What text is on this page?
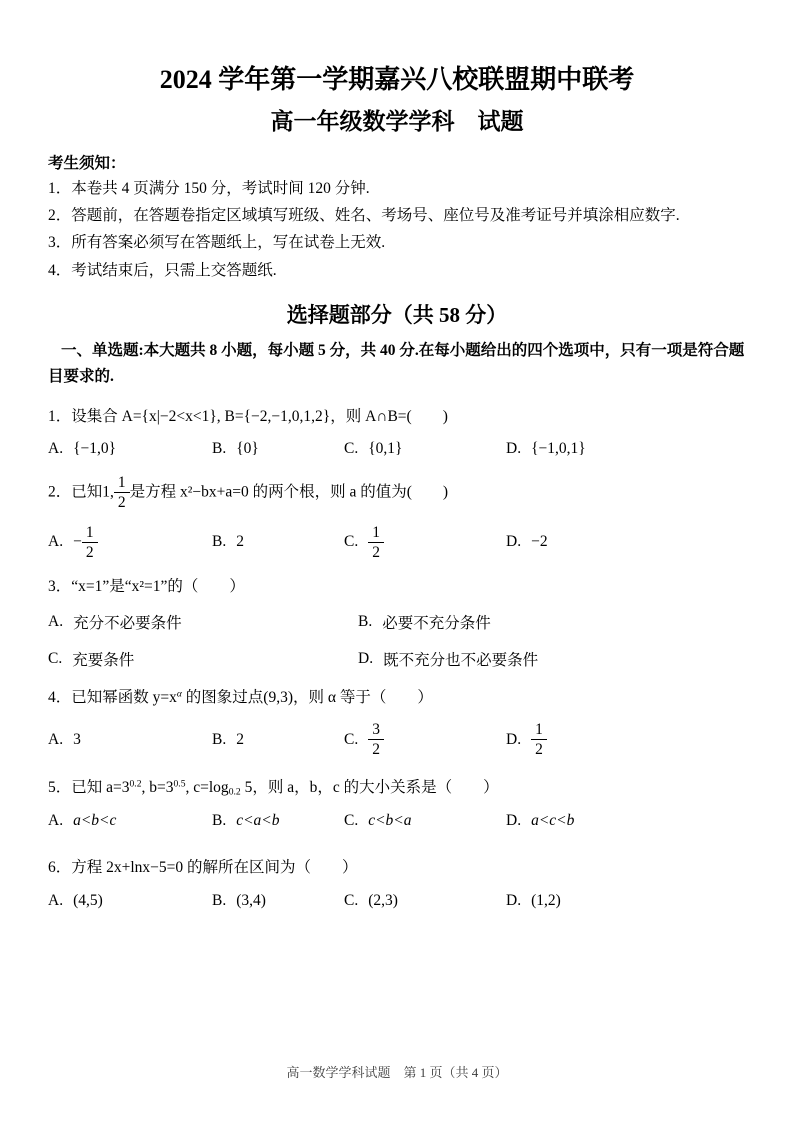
2024 学年第一学期嘉兴八校联盟期中联考
高一年级数学学科　试题
考生须知：
1．本卷共 4 页满分 150 分，考试时间 120 分钟.
2．答题前，在答题卷指定区域填写班级、姓名、考场号、座位号及准考证号并填涂相应数字.
3．所有答案必须写在答题纸上，写在试卷上无效.
4．考试结束后，只需上交答题纸.
选择题部分（共 58 分）

一、单选题:本大题共 8 小题，每小题 5 分，共 40 分.在每小题给出的四个选项中，只有一项是符合题目要求的.

1．设集合 A={x|−2<x<1}, B={−2,−1,0,1,2}，则 A∩B=(　　)

A. {−1,0}	B. {0}	C. {0,1}	D. {−1,0,1}

2．已知1, $\frac{1}{2}$ 是方程 x²−bx+a=0 的两个根，则 a 的值为(　　)

A. − $\frac{1}{2}$	B. 2	C. $\frac{1}{2}$	D. −2

3．“x=1”是“x²=1”的（　　）

A. 充分不必要条件	B. 必要不充分条件
C. 充要条件	D. 既不充分也不必要条件

4．已知幂函数 $y=x^\alpha$ 的图象过点(9,3)，则 α 等于（　　）

A. 3	B. 2	C. $\frac{3}{2}$	D. $\frac{1}{2}$

5．已知 $a=3^{0.2}$, $b=3^{0.5}$, $c=\log_{0.2}$ 5，则 a，b，c 的大小关系是（　　）

A. a<b<c	B. c<a<b	C. c<b<a	D. a<c<b

6．方程 2x+lnx−5=0 的解所在区间为（　　）

A. (4,5)	B. (3,4)	C. (2,3)	D. (1,2)
高一数学学科试题　第 1 页（共 4 页）
